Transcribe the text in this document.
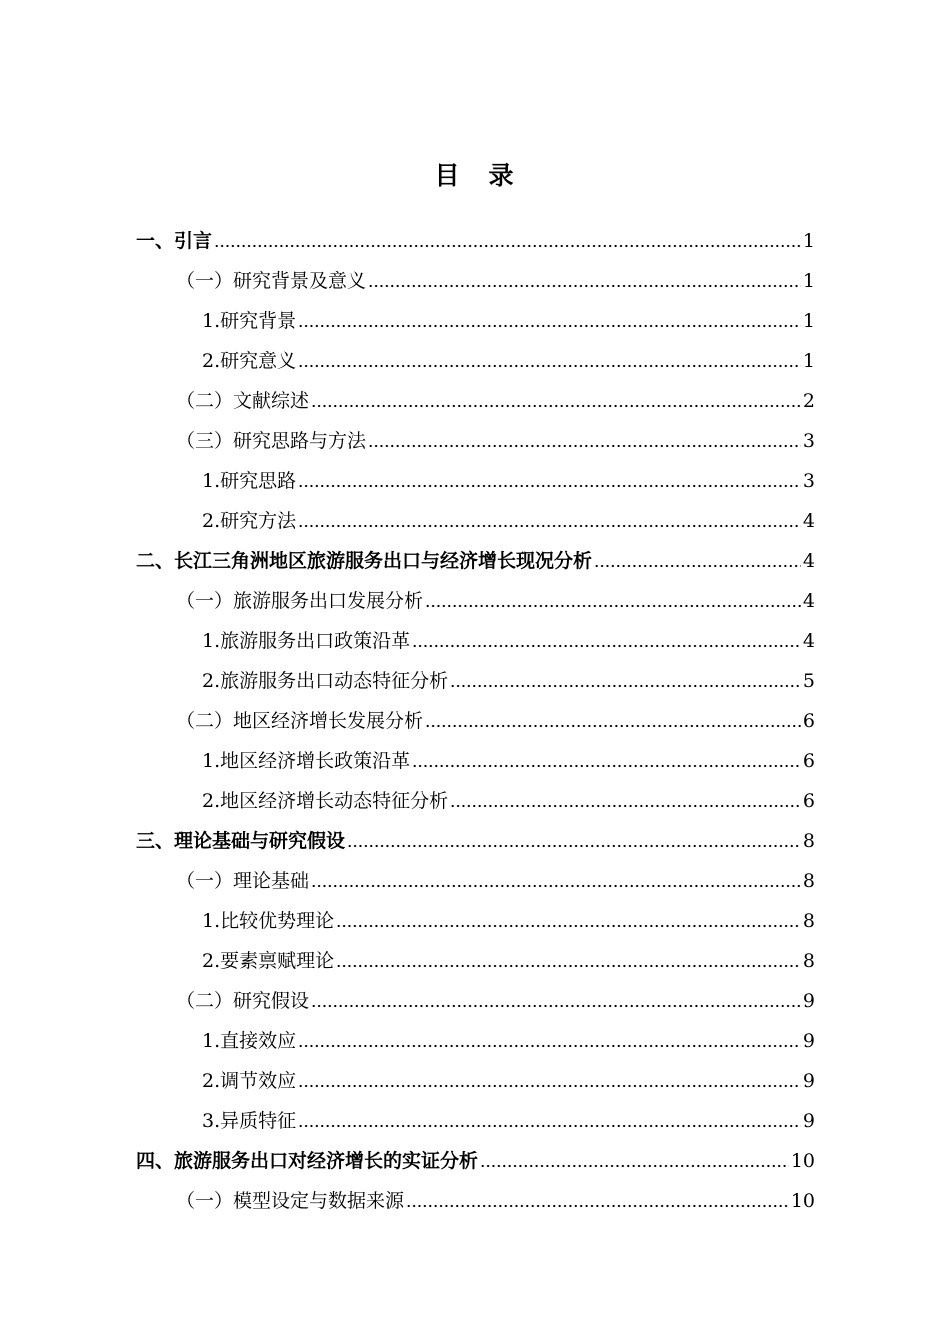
目　录
一、引言	1
（一）研究背景及意义	1
1.研究背景	1
2.研究意义	1
（二）文献综述	2
（三）研究思路与方法	3
1.研究思路	3
2.研究方法	4
二、长江三角洲地区旅游服务出口与经济增长现况分析	4
（一）旅游服务出口发展分析	4
1.旅游服务出口政策沿革	4
2.旅游服务出口动态特征分析	5
（二）地区经济增长发展分析	6
1.地区经济增长政策沿革	6
2.地区经济增长动态特征分析	6
三、理论基础与研究假设	8
（一）理论基础	8
1.比较优势理论	8
2.要素禀赋理论	8
（二）研究假设	9
1.直接效应	9
2.调节效应	9
3.异质特征	9
四、旅游服务出口对经济增长的实证分析	10
（一）模型设定与数据来源	10
